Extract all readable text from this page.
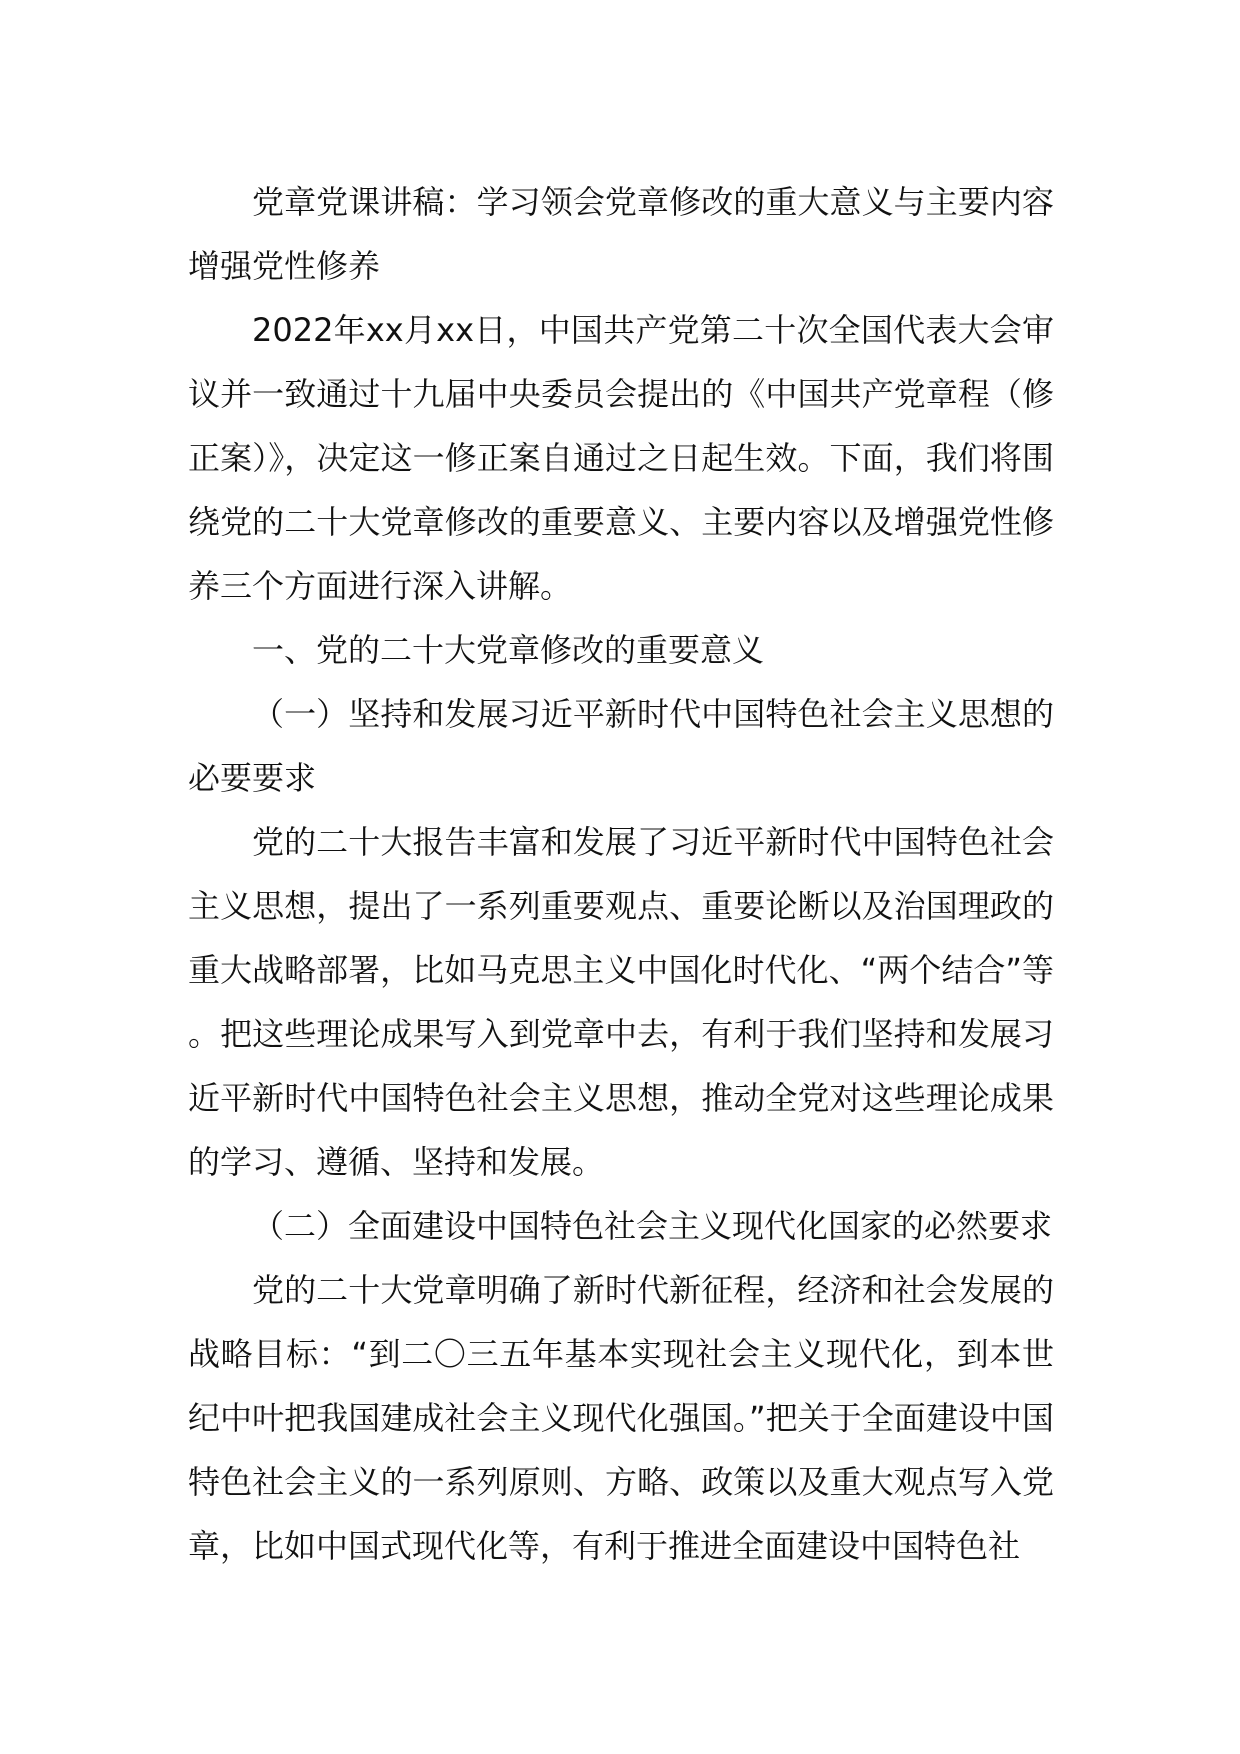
党章党课讲稿：学习领会党章修改的重大意义与主要内容增强党性修养

2022年xx月xx日，中国共产党第二十次全国代表大会审议并一致通过十九届中央委员会提出的《中国共产党章程（修正案）》，决定这一修正案自通过之日起生效。下面，我们将围绕党的二十大党章修改的重要意义、主要内容以及增强党性修养三个方面进行深入讲解。

一、党的二十大党章修改的重要意义

（一）坚持和发展习近平新时代中国特色社会主义思想的必要要求

党的二十大报告丰富和发展了习近平新时代中国特色社会主义思想，提出了一系列重要观点、重要论断以及治国理政的重大战略部署，比如马克思主义中国化时代化、“两个结合”等。把这些理论成果写入到党章中去，有利于我们坚持和发展习近平新时代中国特色社会主义思想，推动全党对这些理论成果的学习、遵循、坚持和发展。

（二）全面建设中国特色社会主义现代化国家的必然要求

党的二十大党章明确了新时代新征程，经济和社会发展的战略目标：“到二〇三五年基本实现社会主义现代化，到本世纪中叶把我国建成社会主义现代化强国。”把关于全面建设中国特色社会主义的一系列原则、方略、政策以及重大观点写入党章，比如中国式现代化等，有利于推进全面建设中国特色社
